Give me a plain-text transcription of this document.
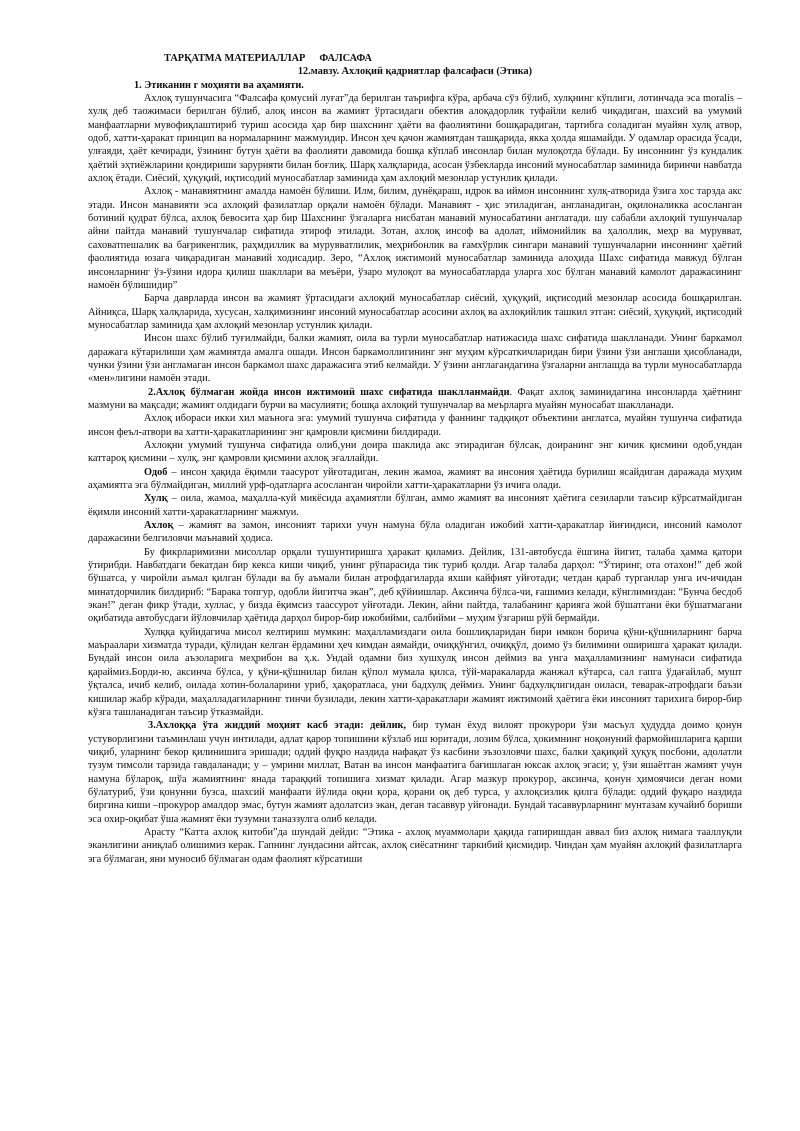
ТАРҚАТМА МАТЕРИАЛЛАР ФАЛСАФА
12.мавзу. Ахлоқий қадриятлар фалсафаси (Этика)
1. Этиканин г моҳияти ва аҳамияти.

Ахлоқ тушунчасига “Фалсафа қомусий луғат”да берилган таърифга кўра, арбача сўз бўлиб, хулқнинг кўплиги, лотинчада эса moralis –хулқ деб таожимаси берилган бўлиб, алоқ инсон ва жамият ўртасидаги обектив алоқадорлик туфайли келиб чиқадиган, шахсий ва умумий манфаатларни мувофиқлаштириб туриш асосида ҳар бир шахснинг ҳаёти ва фаолиятини бошқарадиган, тартибга соладиган муайян хулқ атвор, одоб, хатти-ҳаракат принцип ва нормаларнинг мажмуидир. Инсон ҳеч қачон жамиятдан ташқарида, якка ҳолда яшамайди. У одамлар орасида ўсади, улғаяди, ҳаёт кечиради, ўзининг бутун ҳаёти ва фаолияти давомида бошқа кўплаб инсонлар билан мулоқотда бўлади. Бу инсоннинг ўз кундалик ҳаётий эҳтиёжларини қондириши зарурияти билан боғлиқ. Шарқ халқларида, асосан ўзбекларда инсоний муносабатлар заминида биринчи навбатда ахлоқ ётади. Сиёсий, ҳуқуқий, иқтисодий муносабатлар заминида ҳам ахлоқий мезонлар устунлик қилади.

Ахлоқ - манавиятнинг амалда намоён бўлиши. Илм, билим, дунёқараш, идрок ва иймон инсоннинг хулқ-атворида ўзига хос тарзда акс этади. Инсон манавияти эса ахлоқий фазилатлар орқали намоён бўлади. Манавият - ҳис этиладиган, англанадиган, оқилоналикка асосланган ботиний қудрат бўлса, ахлоқ бевосита ҳар бир Шахснинг ўзгаларга нисбатан манавий муносабатини англатади. шу сабабли ахлоқий тушунчалар айни пайтда манавий тушунчалар сифатида этироф этилади. Зотан, ахлоқ инсоф ва адолат, иймонийлик ва ҳалоллик, меҳр ва мурувват, саховатпешалик ва бағрикенглик, раҳмдиллик ва мурувватлилик, меҳрибонлик ва ғамхўрлик сингари манавий тушунчаларни инсоннинг ҳаётий фаолиятида юзага чиқарадиган манавий ходисадир. Зеро, “Ахлоқ ижтимоий муносабатлар заминида алоҳида Шахс сифатида мавжуд бўлган инсонларнинг ўз-ўзини идора қилиш шакллари ва меъёри, ўзаро мулоқот ва муносабатларда уларга хос бўлган манавий камолот даражасининг намоён бўлишидир”

Барча даврларда инсон ва жамият ўртасидаги ахлоқий муносабатлар сиёсий, ҳуқуқий, иқтисодий мезонлар асосида бошқарилган. Айниқса, Шарқ халқларида, хусусан, халқимизнинг инсоний муносабатлар асосини ахлоқ ва ахлоқийлик ташкил этган: сиёсий, ҳуқуқий, иқтисодий муносабатлар заминида ҳам ахлоқий мезонлар устунлик қилади.

Инсон шахс бўлиб туғилмайди, балки жамият, оила ва турли муносабатлар натижасида шахс сифатида шаклланади. Унинг баркамол даражага кўтарилиши ҳам жамиятда амалга ошади. Инсон баркамоллигининг энг муҳим кўрсаткичларидан бири ўзини ўзи англаши ҳисобланади, чунки ўзини ўзи англамаган инсон баркамол шахс даражасига этиб келмайди. У ўзини англагандагина ўзгаларни англашда ва турли муносабатларда «мен»лигини намоён этади.

2.Ахлоқ бўлмаган жойда инсон ижтимоий шахс сифатида шаклланмайди. Фақат ахлоқ заминидагина инсонларда ҳаётнинг мазмуни ва мақсади; жамият олдидаги бурчи ва масулияти; бошқа ахлоқий тушунчалар ва меърларга муайян муносабат шаклланади.

Ахлоқ ибораси икки хил маънога эга: умумий тушунча сифатида у фаннинг тадқиқот объектини англатса, муайян тушунча сифатида инсон феъл-атвори ва хатти-ҳаракатларининг энг қамровли қисмини билдиради.

Ахлоқни умумий тушунча сифатида олиб,уни доира шаклида акс этирадиган бўлсак, доиранинг энг кичик қисмини одоб,ундан каттароқ қисмини – хулқ, энг қамровли қисмини ахлоқ эгаллайди.

Одоб – инсон ҳақида ёқимли таасурот уйғотадиган, лекин жамоа, жамият ва инсония ҳаётида бурилиш ясайдиган даражада муҳим аҳамиятга эга бўлмайдиган, миллий урф-одатларга асосланган чиройли хатти-ҳаракатларни ўз ичига олади.

Хулқ – оила, жамоа, маҳалла-куй микёсида аҳамиятли бўлган, аммо жамият ва инсоният ҳаётига сезиларли таъсир кўрсатмайдиган ёқимли инсоний хатти-ҳаракатларнинг мажмуи.

Ахлоқ – жамият ва замон, инсоният тарихи учун намуна бўла оладиган ижобий хатти-ҳаракатлар йиғиндиси, инсоний камолот даражасини белгиловчи маънавий ҳодиса.

Бу фикрларимизни мисоллар орқали тушунтиришга ҳаракат қиламиз. Дейлик, 131-автобусда ёшгина йигит, талаба ҳамма қатори ўтирибди. Навбатдаги бекатдан бир кекса киши чиқиб, унинг рўпарасида тик туриб қолди. Агар талаба дарҳол: “Ўтиринг, ота отахон!” деб жой бўшатса, у чиройли аъмал қилган бўлади ва бу аъмали билан атрофдагиларда яхши кайфият уйғотади; четдан қараб турганлар унга ич-ичидан минатдорчилик билдириб: “Барака топгур, одобли йигитча экан”, деб қўйиишлар. Аксинча бўлса-чи, ғашимиз келади, кўнглимиздан: “Бунча бесдоб экан!” деган фикр ўтади, хуллас, у бизда ёқимсиз таассурот уйғотади. Лекин, айни пайтда, талабанинг қарияга жой бўшатгани ёки бўшатмагани оқибатида автобусдаги йўловчилар ҳаётида дарҳол бирор-бир ижобийми, салбийми – муҳим ўзгариш рўй бермайди.

Хулққа қуйидагича мисол келтириш мумкин: маҳалламиздаги оила бошлиқларидан бири имкон борича қўни-қўшниларнинг барча маъраалари хизматда туради, қўлидан келган ёрдамини ҳеч кимдан аямайди, очиққўнгил, очиққўл, доимо ўз билимини оширишга ҳаракат қилади. Бундай инсон оила аъзоларига меҳрибон ва ҳ.к. Ундай одамни биз хушхулқ инсон деймиз ва унга маҳалламизнинг намунаси сифатида қараймиз.Борди-ю, аксинча бўлса, у қўни-қўшнилар билан қўпол мумала қилса, тўй-маракаларда жанжал кўтарса, сал гапга ўдағайлаб, мушт ўқталса, ичиб келиб, оилада хотин-болаларини уриб, ҳақоратласа, уни бадхулқ деймиз. Унинг бадхулқлигидан оиласи, теварак-атрофдаги баъзи кишилар жабр кўради, маҳалладагиларнинг тинчи бузилади, лекин хатти-ҳаракатлари жамият ижтимоий ҳаётига ёки инсоният тарихига бирор-бир кўзга ташланадиган таъсир ўтказмайди.

3.Ахлоққа ўта жиддий моҳият касб этади: дейлик, бир туман ёхуд вилоят прокурори ўзи масъул ҳудудда доимо қонун устуворлигини таъминлаш учун интилади, адлат қарор топишини кўзлаб иш юритади, лозим бўлса, ҳокимнинг ноқонуний фармойишларига қарши чиқиб, уларнинг бекор қилинишига эришади; оддий фуқро наздида нафақат ўз касбини эъзозловчи шахс, балки ҳақиқий ҳуқуқ посбони, адолатли тузум тимсоли тарзида гавдаланади; у – умрини миллат, Ватан ва инсон манфаатига бағишлаган юксак ахлоқ эгаси; у, ўзи яшаётган жамият учун намуна бўлароқ, шўа жамиятнинг янада тараққий топишига хизмат қилади. Агар мазкур прокурор, аксинча, қонун ҳимоячиси деган номи бўлатуриб, ўзи қонунни бузса, шахсий манфаати йўлида оқни қора, қорани оқ деб турса, у ахлоқсизлик қилга бўлади: оддий фуқаро наздида биргина киши –прокурор амалдор эмас, бутун жамият адолатсиз экан, деган тасаввур уйғонади. Бундай тасаввурларнинг мунтазам кучайиб бориши эса охир-оқибат ўша жамият ёки тузумни таназзулга олиб келади.

Арасту “Катта ахлоқ китоби”да шундай дейди: “Этика - ахлоқ муаммолари ҳақида гапиришдан аввал биз ахлоқ нимага тааллуқли эканлигини аниқлаб олишимиз керак. Гапнинг лундасини айтсак, ахлоқ сиёсатнинг таркибий қисмидир. Чиндан ҳам муайян ахлоқий фазилатларга эга бўлмаган, яни муносиб бўлмаган одам фаолият кўрсатиши
